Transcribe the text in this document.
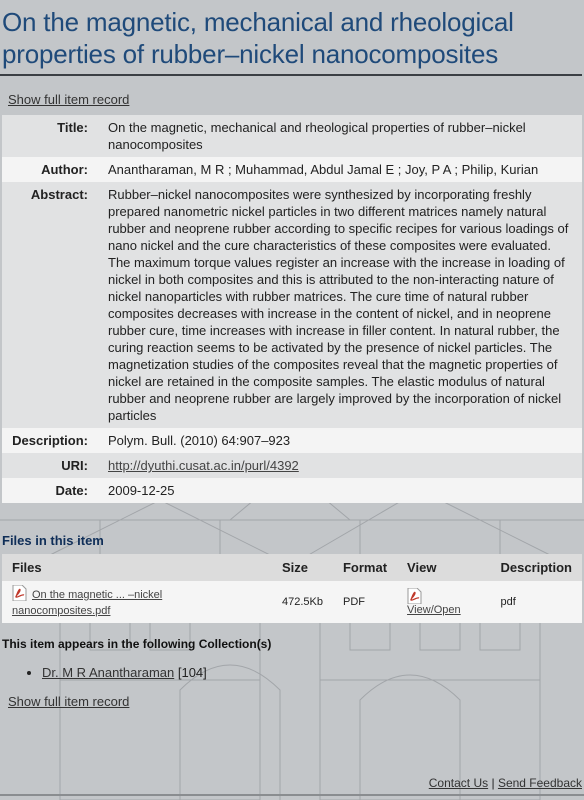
On the magnetic, mechanical and rheological properties of rubber–nickel nanocomposites
Show full item record
Title:	On the magnetic, mechanical and rheological properties of rubber–nickel nanocomposites
Author:	Anantharaman, M R ; Muhammad, Abdul Jamal E ; Joy, P A ; Philip, Kurian
Abstract:	Rubber–nickel nanocomposites were synthesized by incorporating freshly prepared nanometric nickel particles in two different matrices namely natural rubber and neoprene rubber according to specific recipes for various loadings of nano nickel and the cure characteristics of these composites were evaluated. The maximum torque values register an increase with the increase in loading of nickel in both composites and this is attributed to the non-interacting nature of nickel nanoparticles with rubber matrices. The cure time of natural rubber composites decreases with increase in the content of nickel, and in neoprene rubber cure, time increases with increase in filler content. In natural rubber, the curing reaction seems to be activated by the presence of nickel particles. The magnetization studies of the composites reveal that the magnetic properties of nickel are retained in the composite samples. The elastic modulus of natural rubber and neoprene rubber are largely improved by the incorporation of nickel particles
Description:	Polym. Bull. (2010) 64:907–923
URI:	http://dyuthi.cusat.ac.in/purl/4392
Date:	2009-12-25
Files in this item
Files	Size	Format	View	Description
On the magnetic ... –nickel
nanocomposites.pdf	472.5Kb	PDF	View/Open	pdf
This item appears in the following Collection(s)
• Dr. M R Anantharaman [104]
Show full item record
Contact Us | Send Feedback
